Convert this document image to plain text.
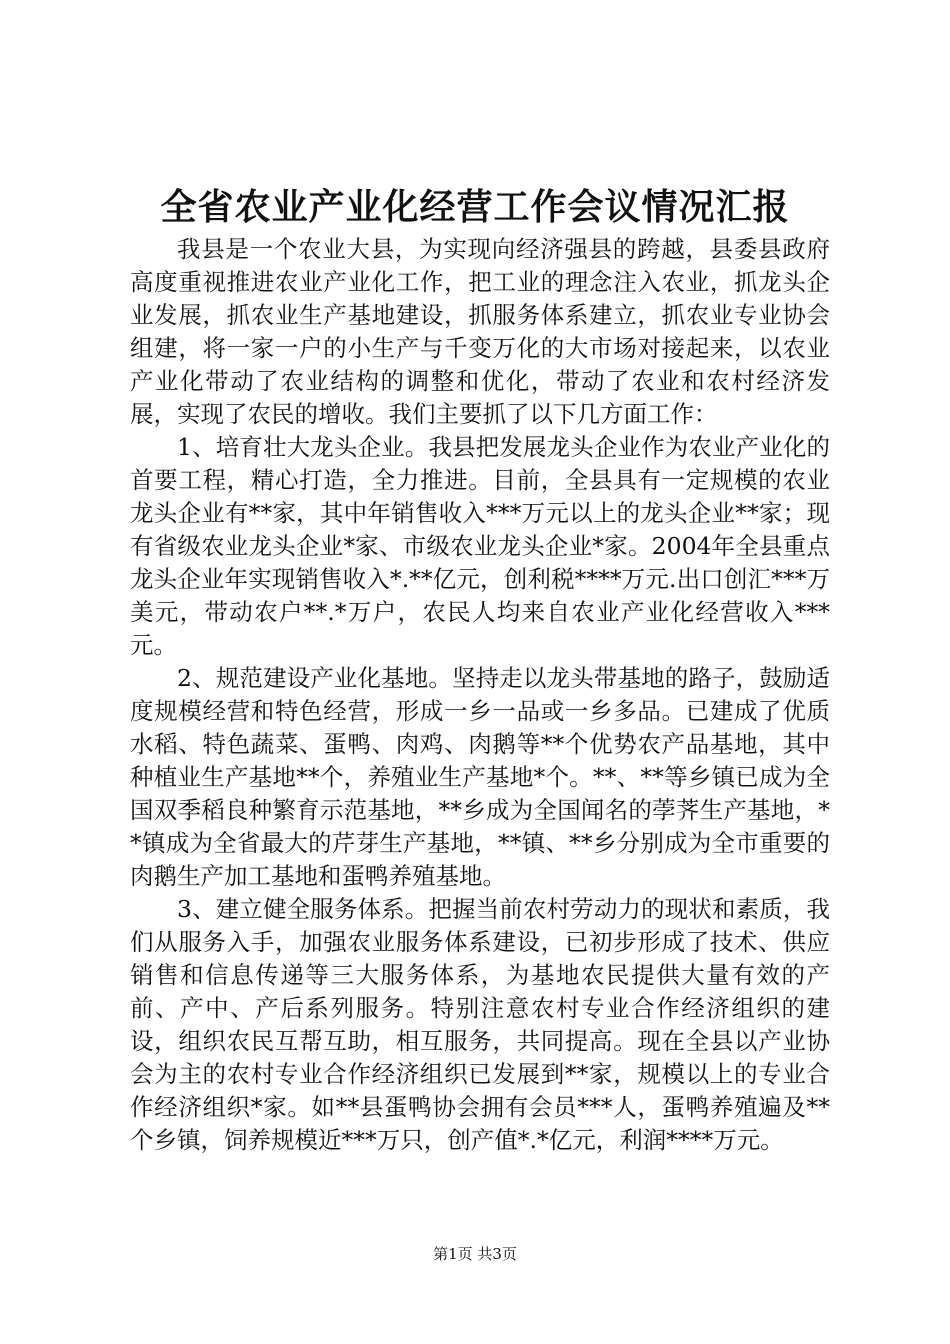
全省农业产业化经营工作会议情况汇报

我县是一个农业大县，为实现向经济强县的跨越，县委县政府高度重视推进农业产业化工作，把工业的理念注入农业，抓龙头企业发展，抓农业生产基地建设，抓服务体系建立，抓农业专业协会组建，将一家一户的小生产与千变万化的大市场对接起来，以农业产业化带动了农业结构的调整和优化，带动了农业和农村经济发展，实现了农民的增收。我们主要抓了以下几方面工作：

1、培育壮大龙头企业。我县把发展龙头企业作为农业产业化的首要工程，精心打造，全力推进。目前，全县具有一定规模的农业龙头企业有**家，其中年销售收入***万元以上的龙头企业**家；现有省级农业龙头企业*家、市级农业龙头企业*家。2004年全县重点龙头企业年实现销售收入*.**亿元，创利税****万元.出口创汇***万美元，带动农户**.*万户，农民人均来自农业产业化经营收入***元。

2、规范建设产业化基地。坚持走以龙头带基地的路子，鼓励适度规模经营和特色经营，形成一乡一品或一乡多品。已建成了优质水稻、特色蔬菜、蛋鸭、肉鸡、肉鹅等**个优势农产品基地，其中种植业生产基地**个，养殖业生产基地*个。**、**等乡镇已成为全国双季稻良种繁育示范基地，**乡成为全国闻名的荸荠生产基地，**镇成为全省最大的芹芽生产基地，**镇、**乡分别成为全市重要的肉鹅生产加工基地和蛋鸭养殖基地。

3、建立健全服务体系。把握当前农村劳动力的现状和素质，我们从服务入手，加强农业服务体系建设，已初步形成了技术、供应销售和信息传递等三大服务体系，为基地农民提供大量有效的产前、产中、产后系列服务。特别注意农村专业合作经济组织的建设，组织农民互帮互助，相互服务，共同提高。现在全县以产业协会为主的农村专业合作经济组织已发展到**家，规模以上的专业合作经济组织*家。如**县蛋鸭协会拥有会员***人，蛋鸭养殖遍及**个乡镇，饲养规模近***万只，创产值*.*亿元，利润****万元。

第1页 共3页
